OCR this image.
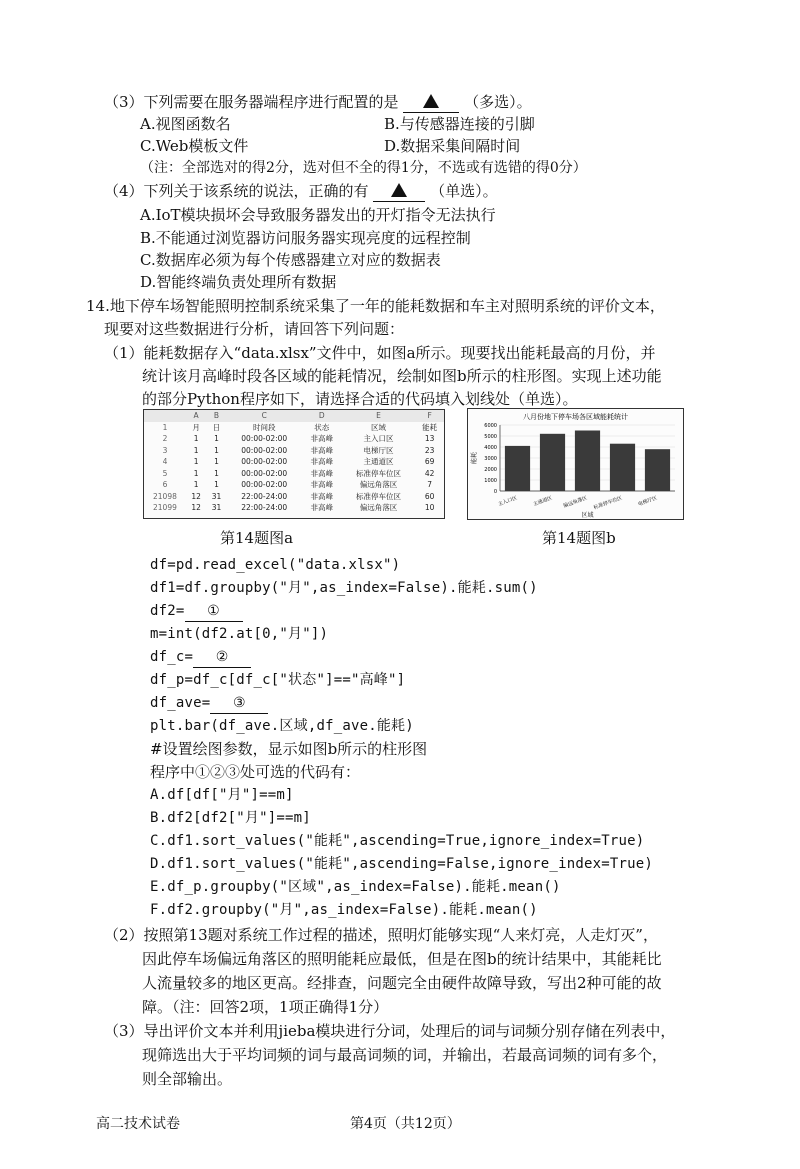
（3）下列需要在服务器端程序进行配置的是	（多选）。
A.视图函数名	B.与传感器连接的引脚
C.Web模板文件	D.数据采集间隔时间
（注：全部选对的得2分，选对但不全的得1分，不选或有选错的得0分）
（4）下列关于该系统的说法，正确的有	（单选）。
A.IoT模块损坏会导致服务器发出的开灯指令无法执行
B.不能通过浏览器访问服务器实现亮度的远程控制
C.数据库必须为每个传感器建立对应的数据表
D.智能终端负责处理所有数据
14.地下停车场智能照明控制系统采集了一年的能耗数据和车主对照明系统的评价文本，
现要对这些数据进行分析，请回答下列问题：
（1）能耗数据存入“data.xlsx”文件中，如图a所示。现要找出能耗最高的月份，并
统计该月高峰时段各区域的能耗情况，绘制如图b所示的柱形图。实现上述功能
的部分Python程序如下，请选择合适的代码填入划线处（单选）。
	A	B	C	D	E	F
1	月	日	时间段	状态	区域	能耗
2	1	1	00:00-02:00	非高峰	主入口区	13
3	1	1	00:00-02:00	非高峰	电梯厅区	23
4	1	1	00:00-02:00	非高峰	主通道区	69
5	1	1	00:00-02:00	非高峰	标准停车位区	42
6	1	1	00:00-02:00	非高峰	偏远角落区	7
21098	12	31	22:00-24:00	非高峰	标准停车位区	60
21099	12	31	22:00-24:00	非高峰	偏远角落区	10
第14题图a
八月份地下停车场各区域能耗统计
0
1000
2000
3000
4000
5000
6000
能耗
主入口区	主通道区 偏远角落区 标准停车位区	电梯厅区
区域
第14题图b
df=pd.read_excel("data.xlsx")
df1=df.groupby("月",as_index=False).能耗.sum()
df2= ①
m=int(df2.at[0,"月"])
df_c= ②
df_p=df_c[df_c["状态"]=="高峰"]
df_ave= ③
plt.bar(df_ave.区域,df_ave.能耗)
#设置绘图参数，显示如图b所示的柱形图
程序中①②③处可选的代码有：
A.df[df["月"]==m]
B.df2[df2["月"]==m]
C.df1.sort_values("能耗",ascending=True,ignore_index=True)
D.df1.sort_values("能耗",ascending=False,ignore_index=True)
E.df_p.groupby("区域",as_index=False).能耗.mean()
F.df2.groupby("月",as_index=False).能耗.mean()
（2）按照第13题对系统工作过程的描述，照明灯能够实现“人来灯亮，人走灯灭”，
因此停车场偏远角落区的照明能耗应最低，但是在图b的统计结果中，其能耗比
人流量较多的地区更高。经排查，问题完全由硬件故障导致，写出2种可能的故
障。（注：回答2项，1项正确得1分）
（3）导出评价文本并利用jieba模块进行分词，处理后的词与词频分别存储在列表中，
现筛选出大于平均词频的词与最高词频的词，并输出，若最高词频的词有多个，
则全部输出。
高二技术试卷	第4页（共12页）
